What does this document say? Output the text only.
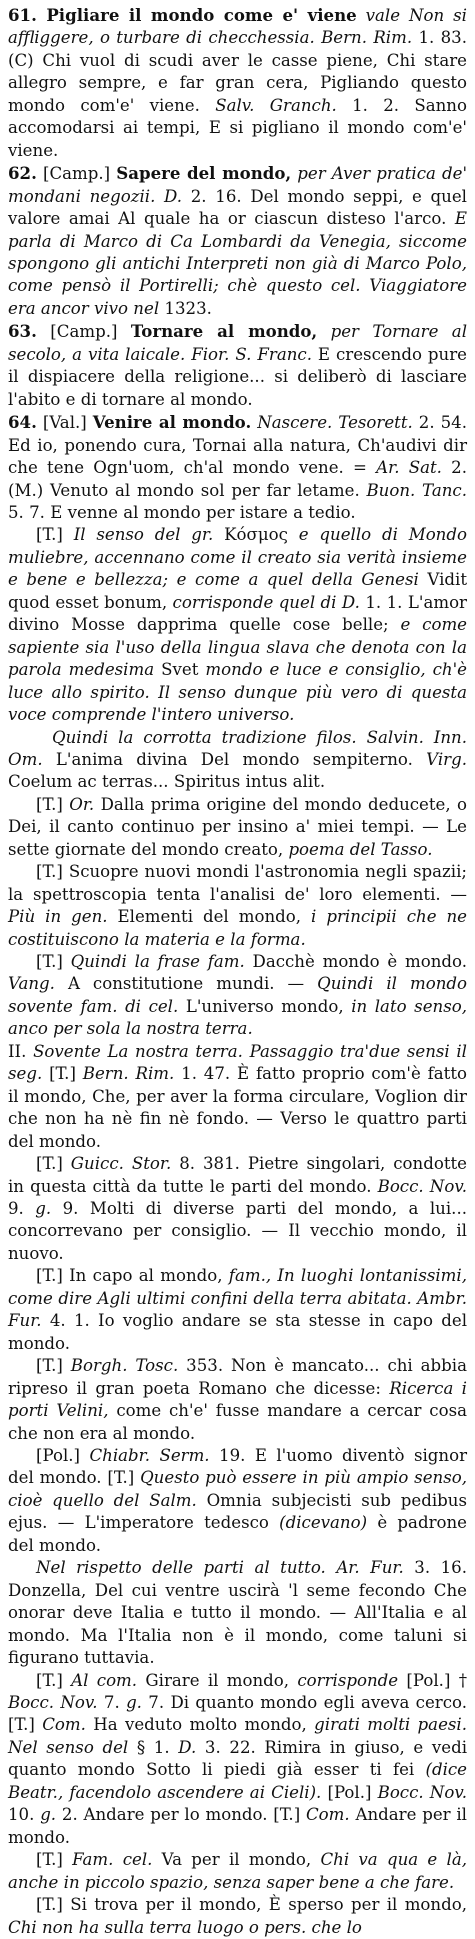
61. Pigliare il mondo come e' viene vale Non si affliggere, o turbare di checchessia. Bern. Rim. 1. 83. (C) Chi vuol di scudi aver le casse piene, Chi stare allegro sempre, e far gran cera, Pigliando questo mondo com'e' viene. Salv. Granch. 1. 2. Sanno accomodarsi ai tempi, E si pigliano il mondo com'e' viene.

62. [Camp.] Sapere del mondo, per Aver pratica de' mondani negozii. D. 2. 16. Del mondo seppi, e quel valore amai Al quale ha or ciascun disteso l'arco. E parla di Marco di Ca Lombardi da Venegia, siccome spongono gli antichi Interpreti non già di Marco Polo, come pensò il Portirelli; chè questo cel. Viaggiatore era ancor vivo nel 1323.

63. [Camp.] Tornare al mondo, per Tornare al secolo, a vita laicale. Fior. S. Franc. E crescendo pure il dispiacere della religione... si deliberò di lasciare l'abito e di tornare al mondo.

64. [Val.] Venire al mondo. Nascere. Tesorett. 2. 54. Ed io, ponendo cura, Tornai alla natura, Ch'audivi dir che tene Ogn'uom, ch'al mondo vene. = Ar. Sat. 2. (M.) Venuto al mondo sol per far letame. Buon. Tanc. 5. 7. E venne al mondo per istare a tedio.

[T.] Il senso del gr. Κόσμος e quello di Mondo muliebre, accennano come il creato sia verità insieme e bene e bellezza; e come a quel della Genesi Vidit quod esset bonum, corrisponde quel di D. 1. 1. L'amor divino Mosse dapprima quelle cose belle; e come sapiente sia l'uso della lingua slava che denota con la parola medesima Svet mondo e luce e consiglio, ch'è luce allo spirito. Il senso dunque più vero di questa voce comprende l'intero universo.

Quindi la corrotta tradizione filos. Salvin. Inn. Om. L'anima divina Del mondo sempiterno. Virg. Coelum ac terras... Spiritus intus alit.

[T.] Or. Dalla prima origine del mondo deducete, o Dei, il canto continuo per insino a' miei tempi. — Le sette giornate del mondo creato, poema del Tasso.

[T.] Scuopre nuovi mondi l'astronomia negli spazii; la spettroscopia tenta l'analisi de' loro elementi. — Più in gen. Elementi del mondo, i principii che ne costituiscono la materia e la forma.

[T.] Quindi la frase fam. Dacchè mondo è mondo. Vang. A constitutione mundi. — Quindi il mondo sovente fam. di cel. L'universo mondo, in lato senso, anco per sola la nostra terra.

II. Sovente La nostra terra. Passaggio tra'due sensi il seg. [T.] Bern. Rim. 1. 47. È fatto proprio com'è fatto il mondo, Che, per aver la forma circulare, Voglion dir che non ha nè fin nè fondo. — Verso le quattro parti del mondo.

[T.] Guicc. Stor. 8. 381. Pietre singolari, condotte in questa città da tutte le parti del mondo. Bocc. Nov. 9. g. 9. Molti di diverse parti del mondo, a lui... concorrevano per consiglio. — Il vecchio mondo, il nuovo.

[T.] In capo al mondo, fam., In luoghi lontanissimi, come dire Agli ultimi confini della terra abitata. Ambr. Fur. 4. 1. Io voglio andare se sta stesse in capo del mondo.

[T.] Borgh. Tosc. 353. Non è mancato... chi abbia ripreso il gran poeta Romano che dicesse: Ricerca i porti Velini, come ch'e' fusse mandare a cercar cosa che non era al mondo.

[Pol.] Chiabr. Serm. 19. E l'uomo diventò signor del mondo. [T.] Questo può essere in più ampio senso, cioè quello del Salm. Omnia subjecisti sub pedibus ejus. — L'imperatore tedesco (dicevano) è padrone del mondo.

Nel rispetto delle parti al tutto. Ar. Fur. 3. 16. Donzella, Del cui ventre uscirà 'l seme fecondo Che onorar deve Italia e tutto il mondo. — All'Italia e al mondo. Ma l'Italia non è il mondo, come taluni si figurano tuttavia.

[T.] Al com. Girare il mondo, corrisponde [Pol.] † Bocc. Nov. 7. g. 7. Di quanto mondo egli aveva cerco. [T.] Com. Ha veduto molto mondo, girati molti paesi. Nel senso del § 1. D. 3. 22. Rimira in giuso, e vedi quanto mondo Sotto li piedi già esser ti fei (dice Beatr., facendolo ascendere ai Cieli). [Pol.] Bocc. Nov. 10. g. 2. Andare per lo mondo. [T.] Com. Andare per il mondo.

[T.] Fam. cel. Va per il mondo, Chi va qua e là, anche in piccolo spazio, senza saper bene a che fare.

[T.] Si trova per il mondo, È sperso per il mondo, Chi non ha sulla terra luogo o pers. che lo
